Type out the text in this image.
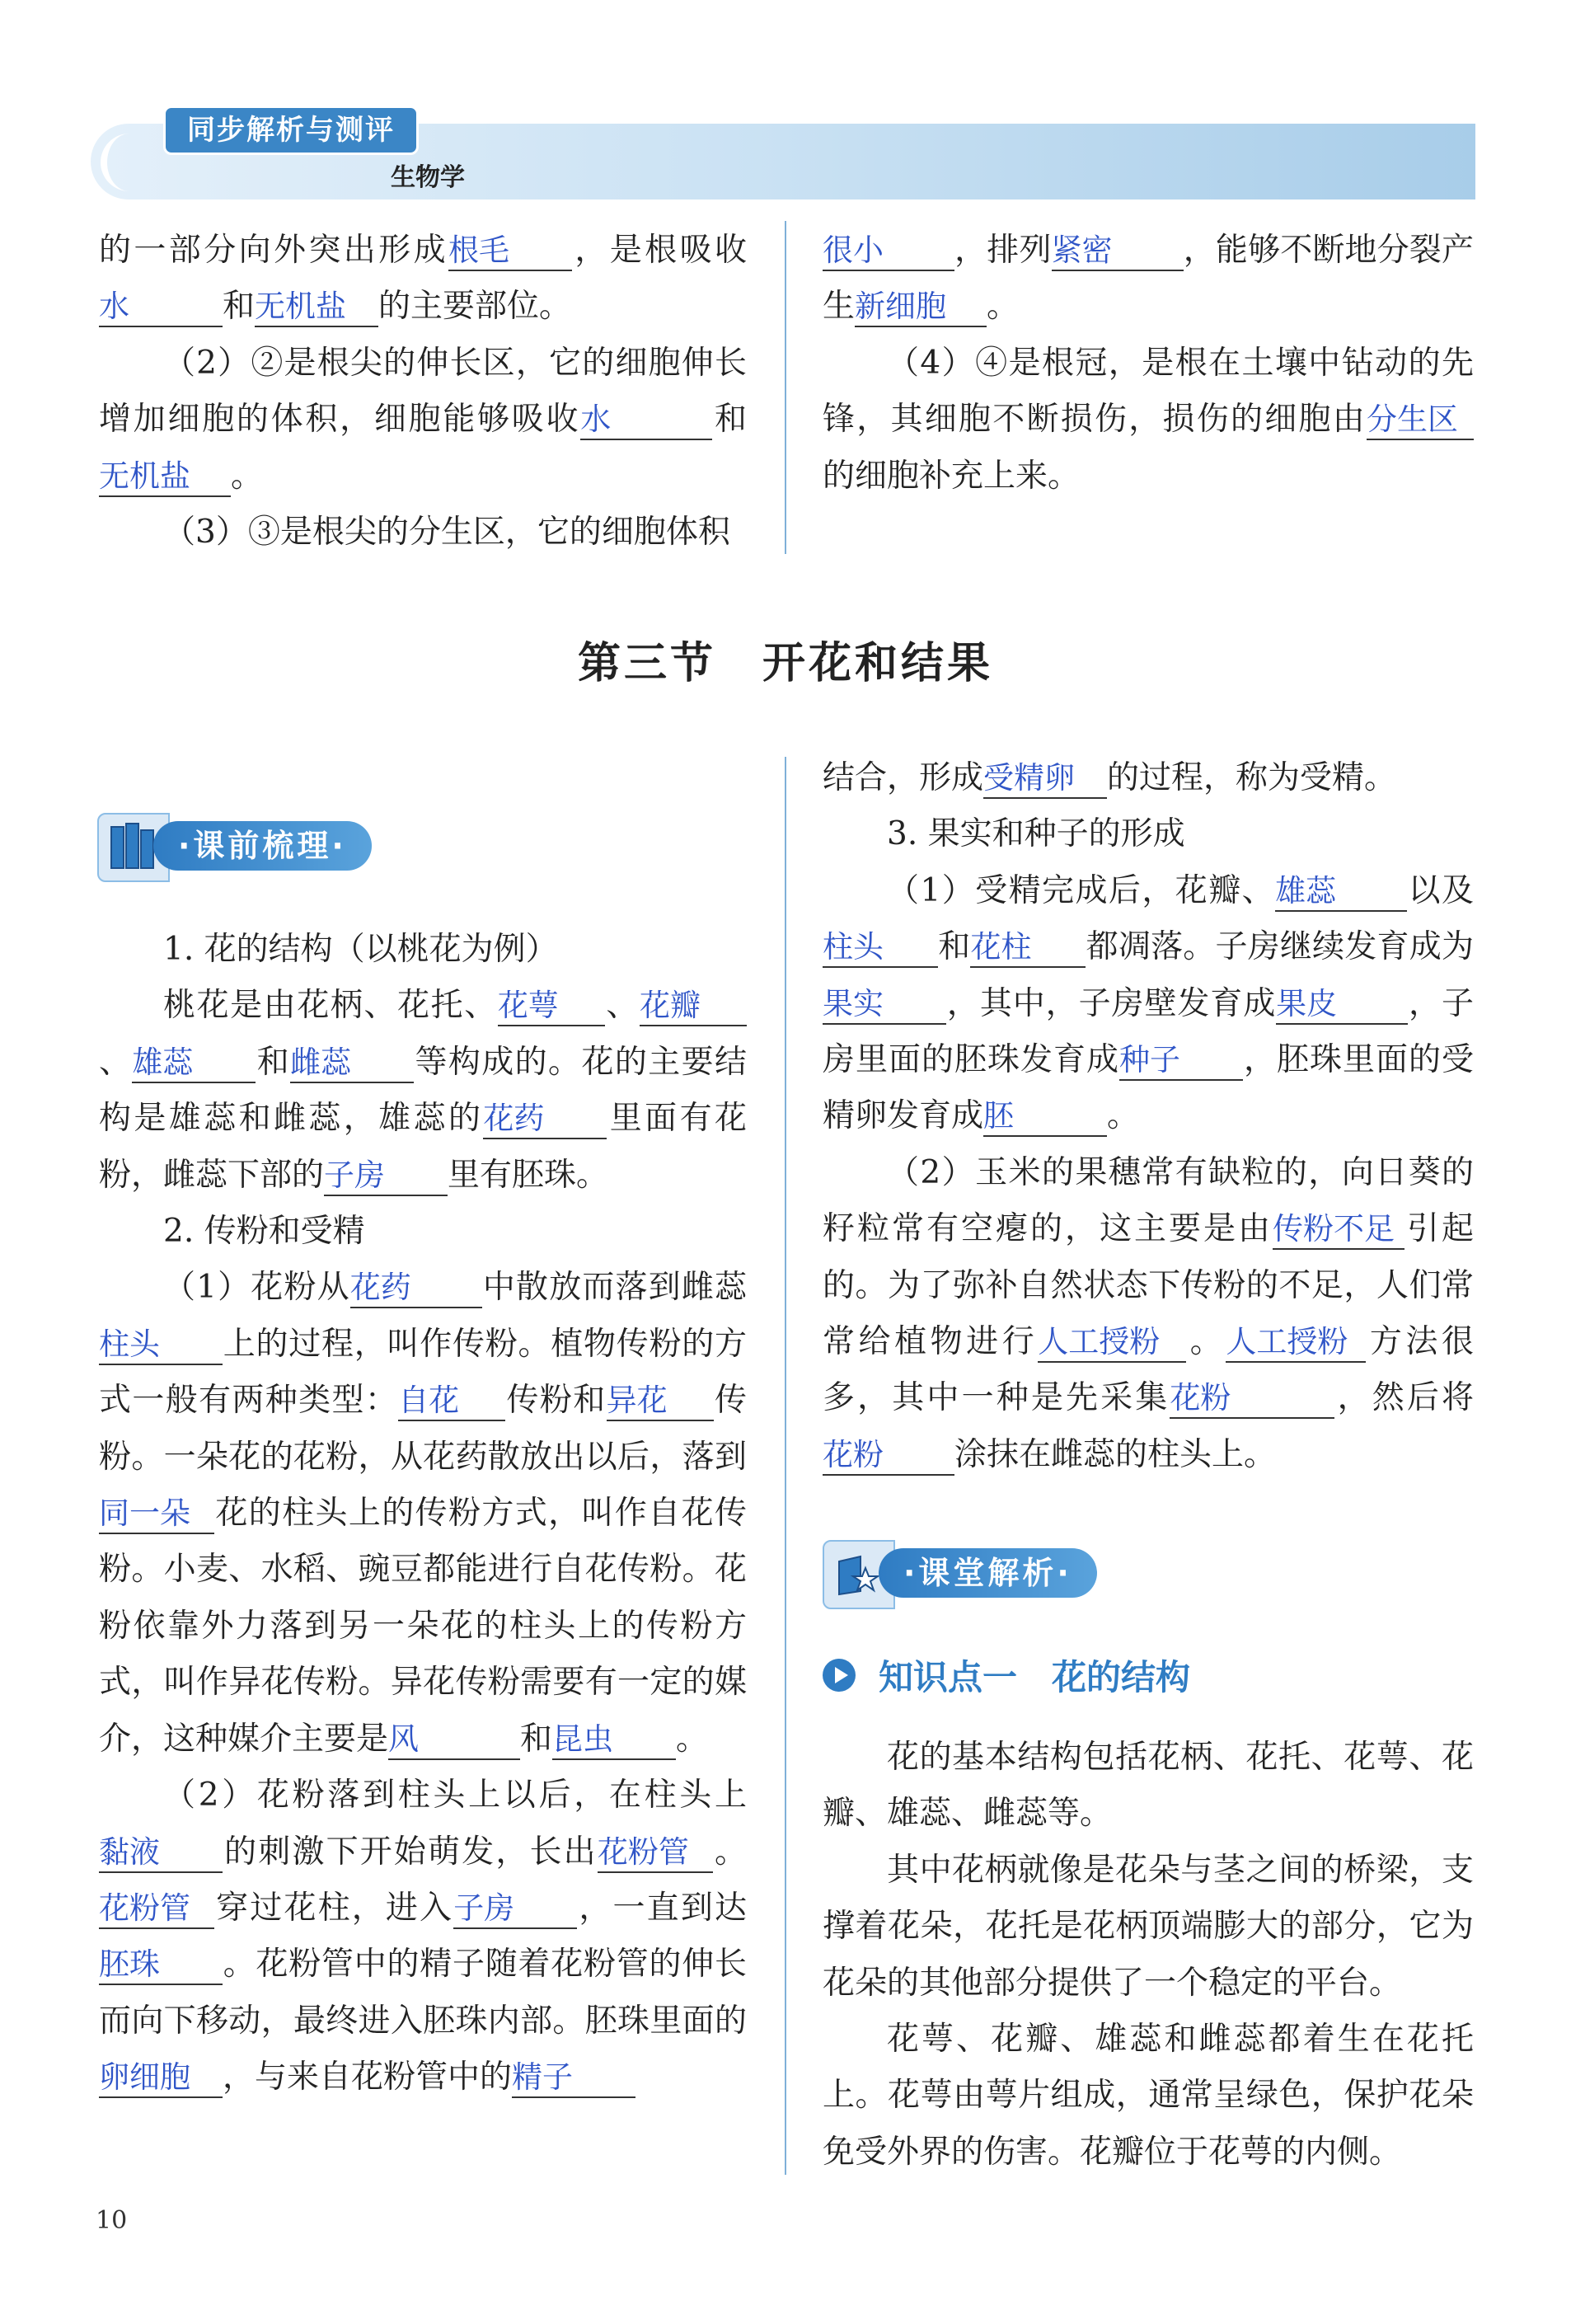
同步解析与测评
生物学

的一部分向外突出形成根毛 ，是根吸收水	和无机盐 的主要部位。

（2）②是根尖的伸长区，它的细胞伸长增加细胞的体积，细胞能够吸收水	和无机盐 。

（3）③是根尖的分生区，它的细胞体积

很小 ，排列紧密 ，能够不断地分裂产生新细胞 。

（4）④是根冠，是根在土壤中钻动的先锋，其细胞不断损伤，损伤的细胞由分生区的细胞补充上来。

第三节　开花和结果
·课前梳理·

1. 花的结构（以桃花为例）

桃花是由花柄、花托、花萼 、花瓣、雄蕊 和雌蕊 等构成的。花的主要结构是雄蕊和雌蕊，雄蕊的花药 里面有花粉，雌蕊下部的子房 里有胚珠。

2. 传粉和受精

（1）花粉从花药 中散放而落到雌蕊柱头 上的过程，叫作传粉。植物传粉的方式一般有两种类型：自花 传粉和异花 传粉。一朵花的花粉，从花药散放出以后，落到同一朵 花的柱头上的传粉方式，叫作自花传粉。小麦、水稻、豌豆都能进行自花传粉。花粉依靠外力落到另一朵花的柱头上的传粉方式，叫作异花传粉。异花传粉需要有一定的媒介，这种媒介主要是风	和昆虫 。

（2）花粉落到柱头上以后，在柱头上黏液 的刺激下开始萌发，长出花粉管 。花粉管 穿过花柱，进入子房 ，一直到达胚珠 。花粉管中的精子随着花粉管的伸长而向下移动，最终进入胚珠内部。胚珠里面的卵细胞 ，与来自花粉管中的精子

结合，形成受精卵 的过程，称为受精。

3. 果实和种子的形成

（1）受精完成后，花瓣、雄蕊 以及柱头 和花柱 都凋落。子房继续发育成为果实 ，其中，子房壁发育成果皮 ，子房里面的胚珠发育成种子 ，胚珠里面的受精卵发育成胚	。

（2）玉米的果穗常有缺粒的，向日葵的籽粒常有空瘪的，这主要是由传粉不足 引起的。为了弥补自然状态下传粉的不足，人们常常给植物进行人工授粉 。人工授粉 方法很多，其中一种是先采集花粉	，然后将花粉 涂抹在雌蕊的柱头上。

·课堂解析·
知识点一　花的结构

花的基本结构包括花柄、花托、花萼、花瓣、雄蕊、雌蕊等。

其中花柄就像是花朵与茎之间的桥梁，支撑着花朵，花托是花柄顶端膨大的部分，它为花朵的其他部分提供了一个稳定的平台。

花萼、花瓣、雄蕊和雌蕊都着生在花托上。花萼由萼片组成，通常呈绿色，保护花朵免受外界的伤害。花瓣位于花萼的内侧。

10
